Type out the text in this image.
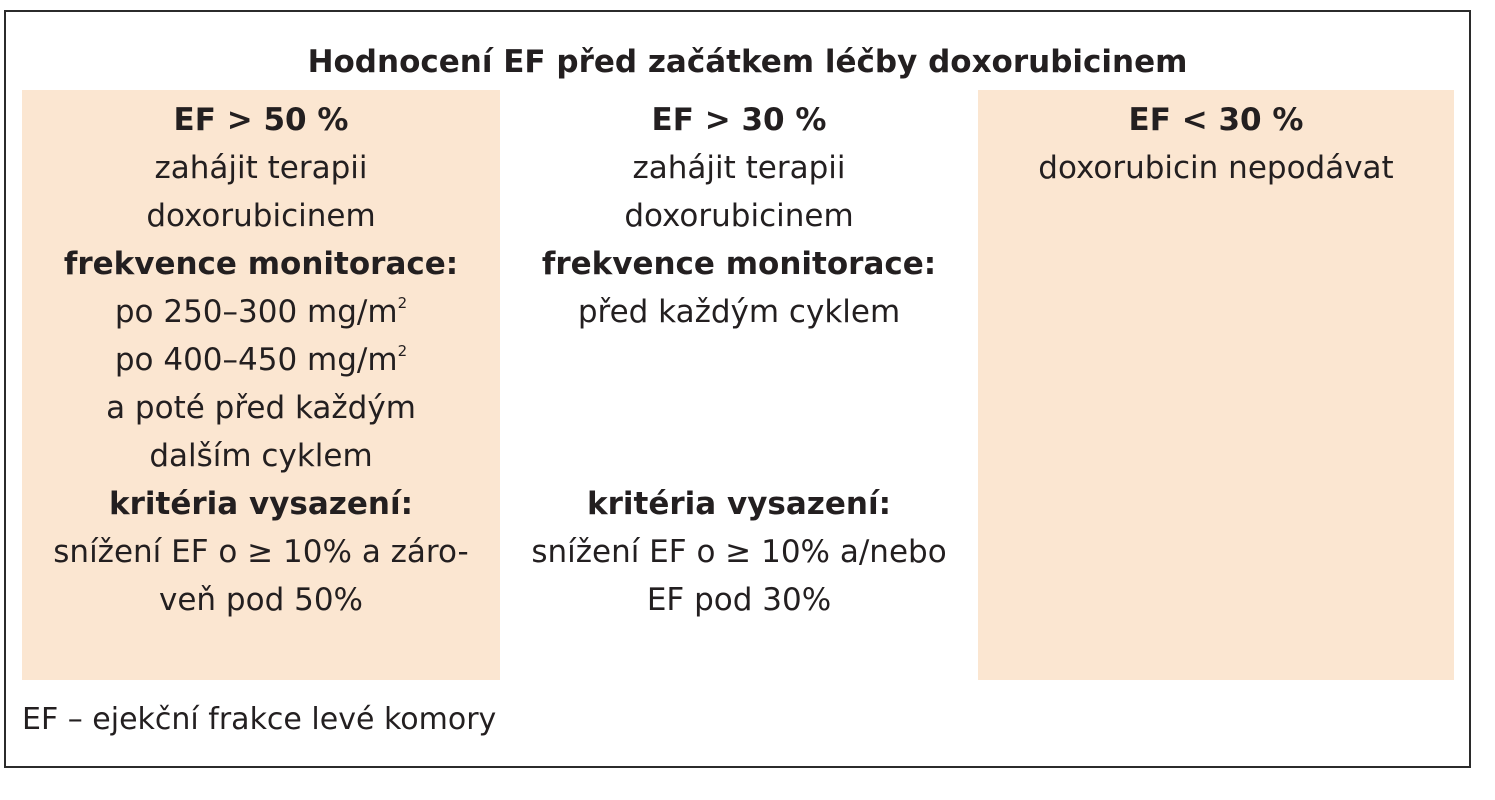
Hodnocení EF před začátkem léčby doxorubicinem
EF > 50 %
zahájit terapii
doxorubicinem
frekvence monitorace:
po 250–300 $mg/m^2$
po 400–450 $mg/m^2$
a poté před každým
dalším cyklem
kritéria vysazení:
snížení EF o ≥ 10% a záro-
veň pod 50%
EF > 30 %
zahájit terapii
doxorubicinem
frekvence monitorace:
před každým cyklem
kritéria vysazení:
snížení EF o ≥ 10% a/nebo
EF pod 30%
EF < 30 %
doxorubicin nepodávat
EF – ejekční frakce levé komory
